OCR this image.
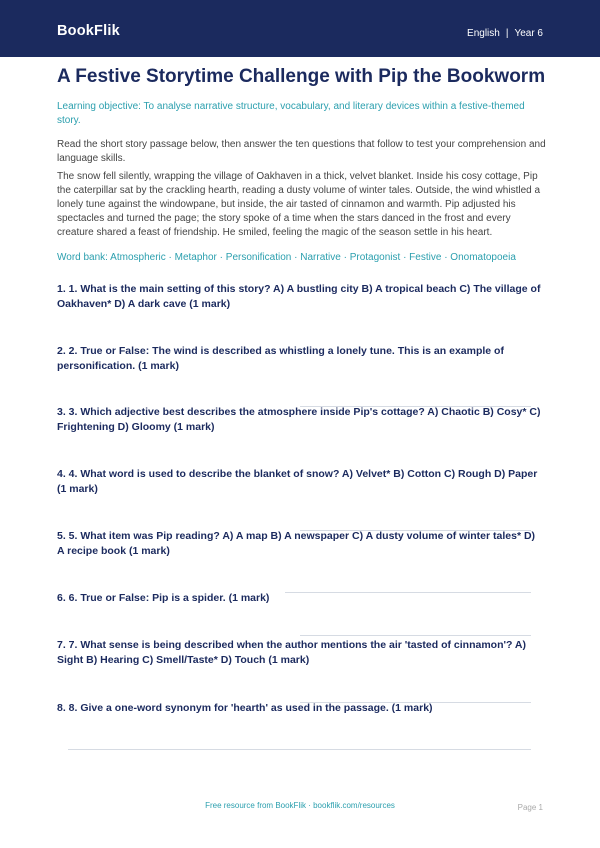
BookFlik	English | Year 6
A Festive Storytime Challenge with Pip the Bookworm
Learning objective: To analyse narrative structure, vocabulary, and literary devices within a festive-themed story.
Read the short story passage below, then answer the ten questions that follow to test your comprehension and language skills.
The snow fell silently, wrapping the village of Oakhaven in a thick, velvet blanket. Inside his cosy cottage, Pip the caterpillar sat by the crackling hearth, reading a dusty volume of winter tales. Outside, the wind whistled a lonely tune against the windowpane, but inside, the air tasted of cinnamon and warmth. Pip adjusted his spectacles and turned the page; the story spoke of a time when the stars danced in the frost and every creature shared a feast of friendship. He smiled, feeling the magic of the season settle in his heart.
Word bank: Atmospheric · Metaphor · Personification · Narrative · Protagonist · Festive · Onomatopoeia
1. 1. What is the main setting of this story? A) A bustling city B) A tropical beach C) The village of Oakhaven* D) A dark cave (1 mark)
2. 2. True or False: The wind is described as whistling a lonely tune. This is an example of personification. (1 mark)
3. 3. Which adjective best describes the atmosphere inside Pip's cottage? A) Chaotic B) Cosy* C) Frightening D) Gloomy (1 mark)
4. 4. What word is used to describe the blanket of snow? A) Velvet* B) Cotton C) Rough D) Paper (1 mark)
5. 5. What item was Pip reading? A) A map B) A newspaper C) A dusty volume of winter tales* D) A recipe book (1 mark)
6. 6. True or False: Pip is a spider. (1 mark)
7. 7. What sense is being described when the author mentions the air 'tasted of cinnamon'? A) Sight B) Hearing C) Smell/Taste* D) Touch (1 mark)
8. 8. Give a one-word synonym for 'hearth' as used in the passage. (1 mark)
Free resource from BookFlik · bookflik.com/resources	Page 1
